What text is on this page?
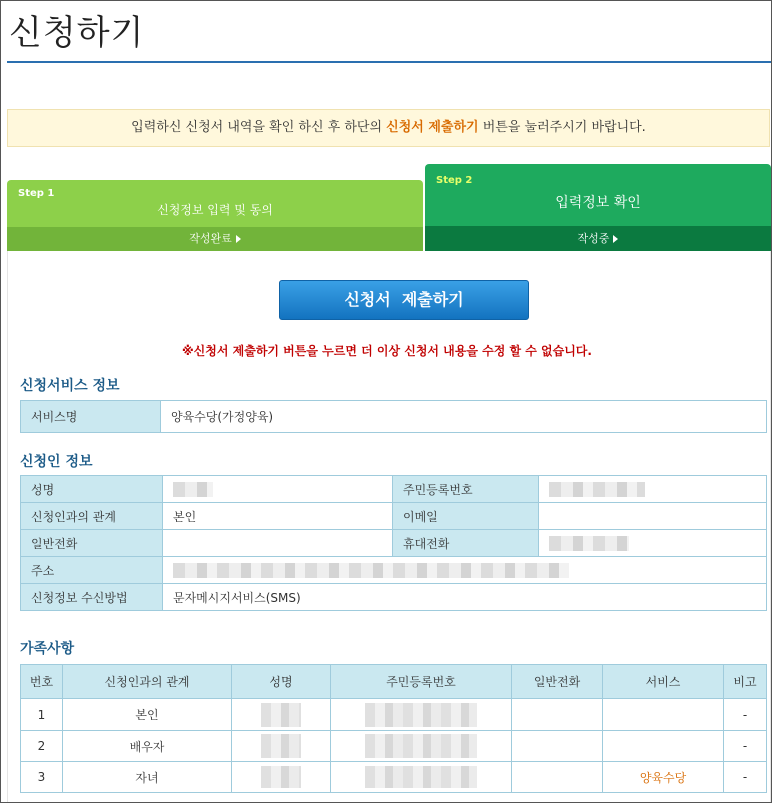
신청하기
입력하신 신청서 내역을 확인 하신 후 하단의 신청서 제출하기 버튼을 눌러주시기 바랍니다.
Step 1
신청정보 입력 및 동의
작성완료
Step 2
입력정보 확인
작성중
신청서  제출하기
※신청서 제출하기 버튼을 누르면 더 이상 신청서 내용을 수정 할 수 없습니다.
신청서비스 정보
서비스명	양육수당(가정양육)
신청인 정보
성명		주민등록번호	
신청인과의 관계	본인	이메일	
일반전화		휴대전화	
주소			
신청정보 수신방법	문자메시지서비스(SMS)		
가족사항
번호	신청인과의 관계	성명	주민등록번호	일반전화	서비스	비고
1	본인					-
2	배우자					-
3	자녀				양육수당	-
